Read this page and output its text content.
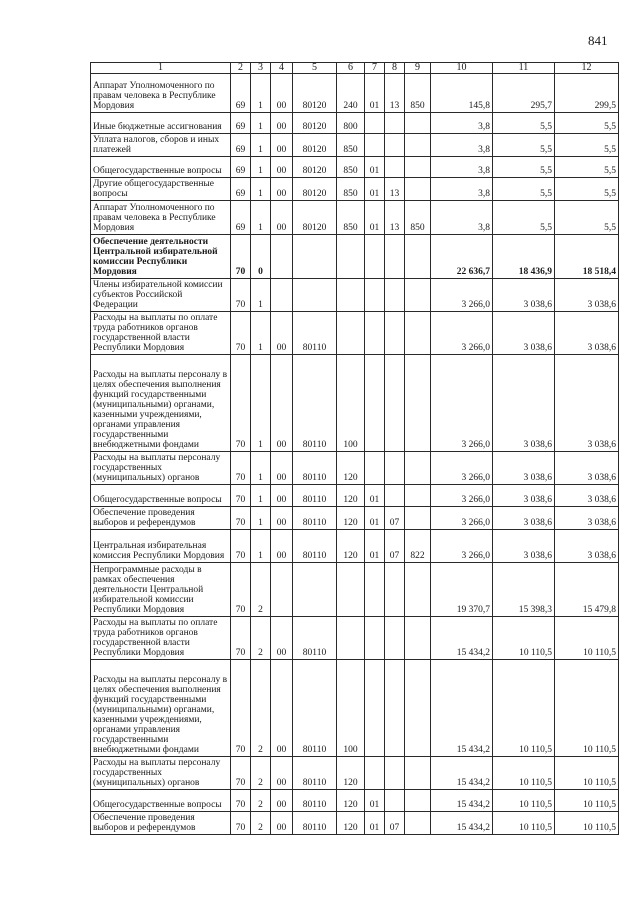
841
1	2	3	4	5	6	7	8	9	10	11	12
Аппарат Уполномоченного по правам человека в Республике Мордовия	69	1	00	80120	240	01	13	850	145,8	295,7	299,5
Иные бюджетные ассигнования	69	1	00	80120	800				3,8	5,5	5,5
Уплата налогов, сборов и иных платежей	69	1	00	80120	850				3,8	5,5	5,5
Общегосударственные вопросы	69	1	00	80120	850	01			3,8	5,5	5,5
Другие общегосударственные вопросы	69	1	00	80120	850	01	13		3,8	5,5	5,5
Аппарат Уполномоченного по правам человека в Республике Мордовия	69	1	00	80120	850	01	13	850	3,8	5,5	5,5
Обеспечение деятельности Центральной избирательной комиссии Республики Мордовия	70	0							22 636,7	18 436,9	18 518,4
Члены избирательной комиссии субъектов Российской Федерации	70	1							3 266,0	3 038,6	3 038,6
Расходы на выплаты по оплате труда работников органов государственной власти Республики Мордовия	70	1	00	80110					3 266,0	3 038,6	3 038,6
Расходы на выплаты персоналу в целях обеспечения выполнения функций государственными (муниципальными) органами, казенными учреждениями, органами управления государственными внебюджетными фондами	70	1	00	80110	100				3 266,0	3 038,6	3 038,6
Расходы на выплаты персоналу государственных (муниципальных) органов	70	1	00	80110	120				3 266,0	3 038,6	3 038,6
Общегосударственные вопросы	70	1	00	80110	120	01			3 266,0	3 038,6	3 038,6
Обеспечение проведения выборов и референдумов	70	1	00	80110	120	01	07		3 266,0	3 038,6	3 038,6
Центральная избирательная комиссия Республики Мордовия	70	1	00	80110	120	01	07	822	3 266,0	3 038,6	3 038,6
Непрограммные расходы в рамках обеспечения деятельности Центральной избирательной комиссии Республики Мордовия	70	2							19 370,7	15 398,3	15 479,8
Расходы на выплаты по оплате труда работников органов государственной власти Республики Мордовия	70	2	00	80110					15 434,2	10 110,5	10 110,5
Расходы на выплаты персоналу в целях обеспечения выполнения функций государственными (муниципальными) органами, казенными учреждениями, органами управления государственными внебюджетными фондами	70	2	00	80110	100				15 434,2	10 110,5	10 110,5
Расходы на выплаты персоналу государственных (муниципальных) органов	70	2	00	80110	120				15 434,2	10 110,5	10 110,5
Общегосударственные вопросы	70	2	00	80110	120	01			15 434,2	10 110,5	10 110,5
Обеспечение проведения выборов и референдумов	70	2	00	80110	120	01	07		15 434,2	10 110,5	10 110,5
